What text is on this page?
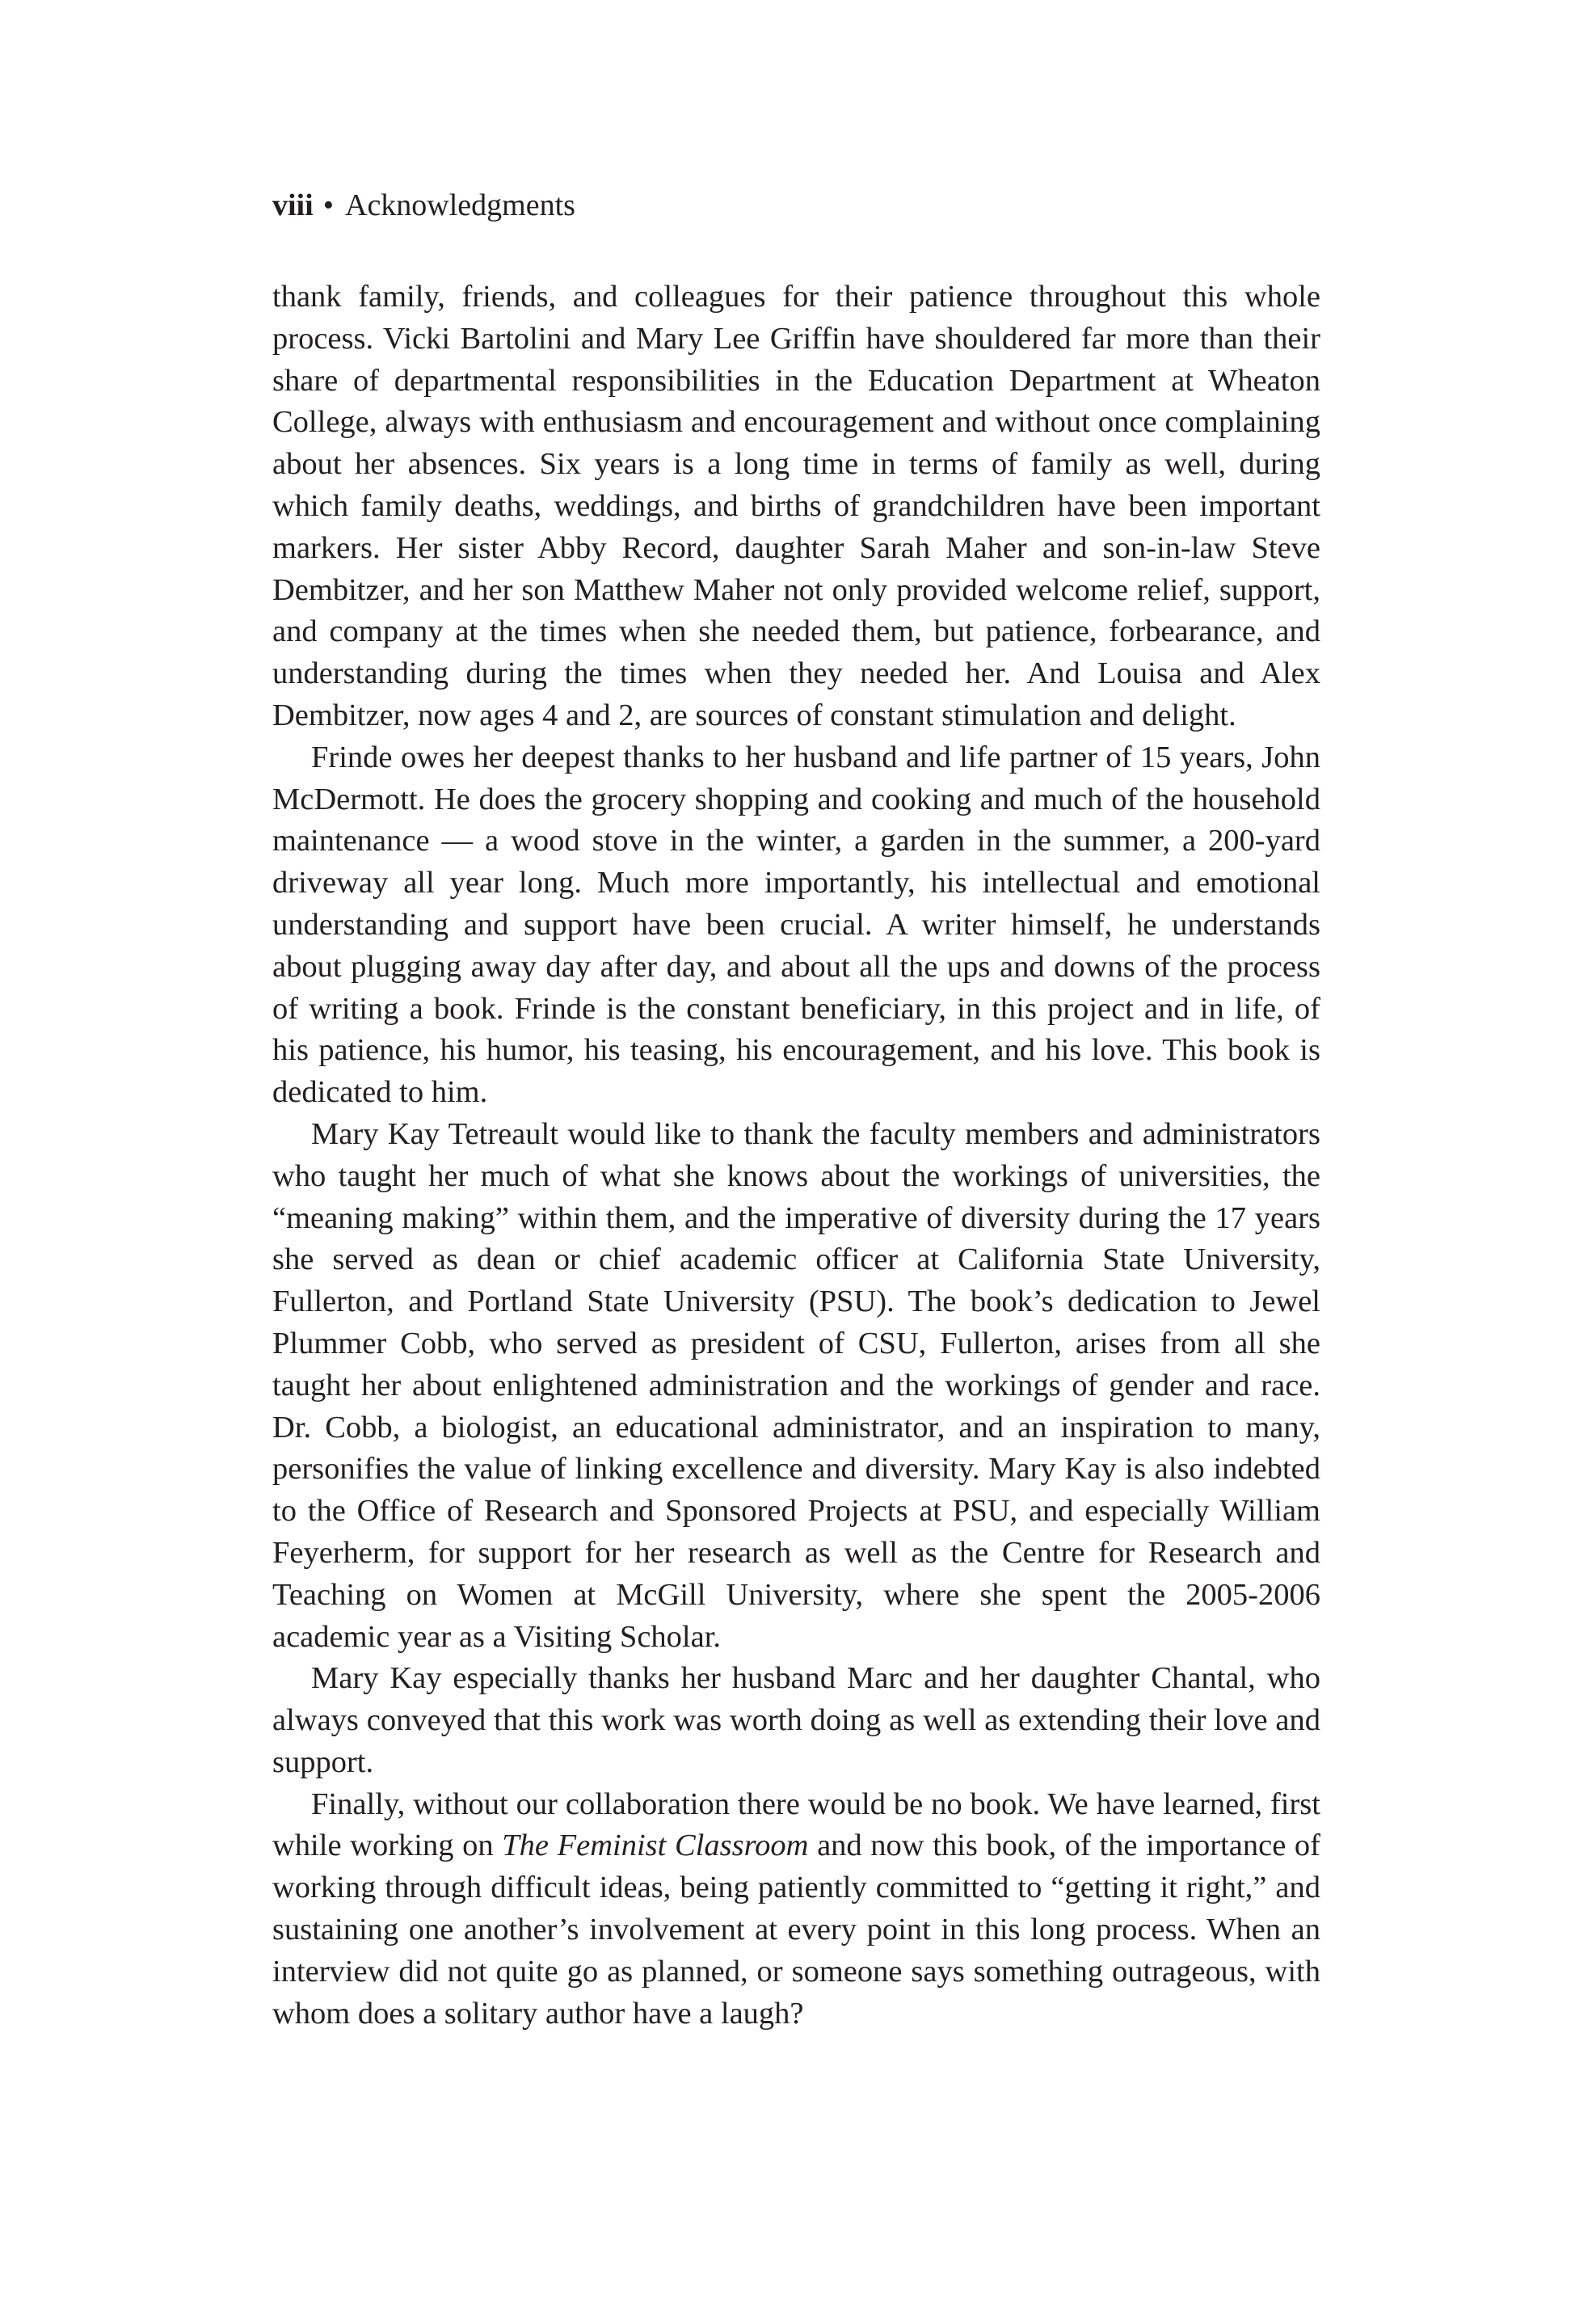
viii • Acknowledgments

thank family, friends, and colleagues for their patience throughout this whole process. Vicki Bartolini and Mary Lee Griffin have shouldered far more than their share of departmental responsibilities in the Education Department at Wheaton College, always with enthusiasm and encouragement and without once complaining about her absences. Six years is a long time in terms of family as well, during which family deaths, weddings, and births of grandchildren have been important markers. Her sister Abby Record, daughter Sarah Maher and son-in-law Steve Dembitzer, and her son Matthew Maher not only provided welcome relief, support, and company at the times when she needed them, but patience, forbearance, and understanding during the times when they needed her. And Louisa and Alex Dembitzer, now ages 4 and 2, are sources of constant stimulation and delight.

Frinde owes her deepest thanks to her husband and life partner of 15 years, John McDermott. He does the grocery shopping and cooking and much of the household maintenance — a wood stove in the winter, a garden in the summer, a 200-yard driveway all year long. Much more importantly, his intellectual and emotional understanding and support have been crucial. A writer himself, he understands about plugging away day after day, and about all the ups and downs of the process of writing a book. Frinde is the constant beneficiary, in this project and in life, of his patience, his humor, his teasing, his encouragement, and his love. This book is dedicated to him.

Mary Kay Tetreault would like to thank the faculty members and administrators who taught her much of what she knows about the workings of universities, the “meaning making” within them, and the imperative of diversity during the 17 years she served as dean or chief academic officer at California State University, Fullerton, and Portland State University (PSU). The book’s dedication to Jewel Plummer Cobb, who served as president of CSU, Fullerton, arises from all she taught her about enlightened administration and the workings of gender and race. Dr. Cobb, a biologist, an educational administrator, and an inspiration to many, personifies the value of linking excellence and diversity. Mary Kay is also indebted to the Office of Research and Sponsored Projects at PSU, and especially William Feyerherm, for support for her research as well as the Centre for Research and Teaching on Women at McGill University, where she spent the 2005-2006 academic year as a Visiting Scholar.

Mary Kay especially thanks her husband Marc and her daughter Chantal, who always conveyed that this work was worth doing as well as extending their love and support.

Finally, without our collaboration there would be no book. We have learned, first while working on The Feminist Classroom and now this book, of the importance of working through difficult ideas, being patiently committed to “getting it right,” and sustaining one another’s involvement at every point in this long process. When an interview did not quite go as planned, or someone says something outrageous, with whom does a solitary author have a laugh?
